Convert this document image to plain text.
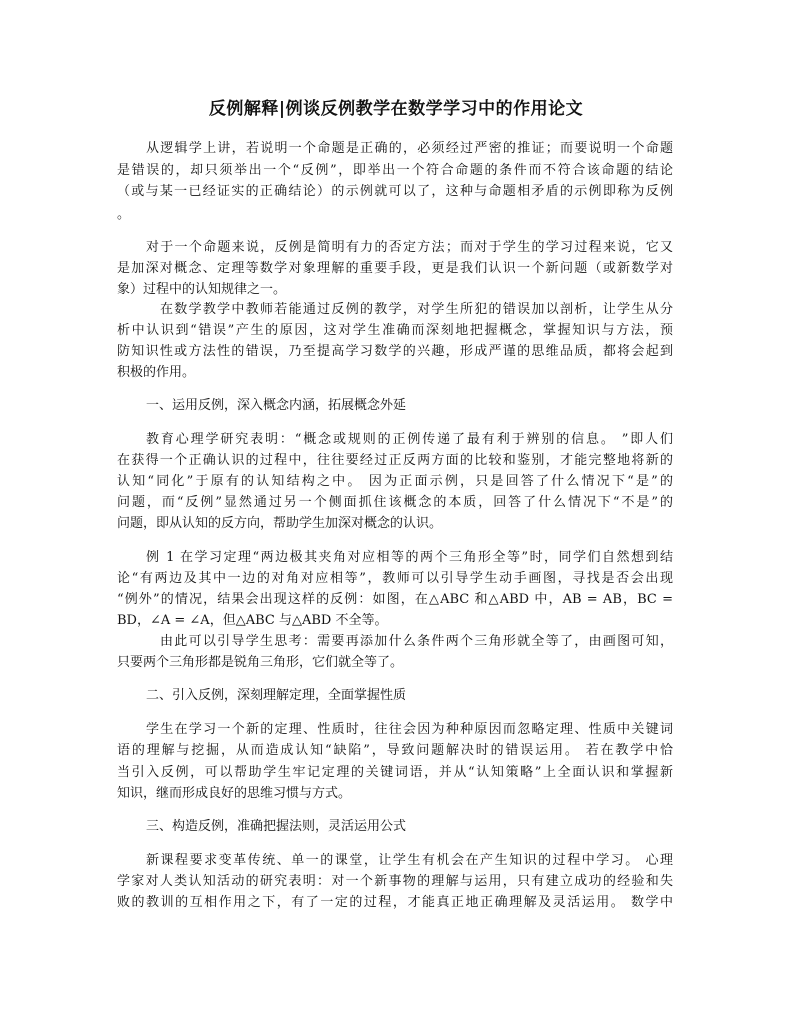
反例解释|例谈反例教学在数学学习中的作用论文
从逻辑学上讲，若说明一个命题是正确的，必须经过严密的推证；而要说明一个命题
是错误的，却只须举出一个“反例”，即举出一个符合命题的条件而不符合该命题的结论
（或与某一已经证实的正确结论）的示例就可以了，这种与命题相矛盾的示例即称为反例
。
对于一个命题来说，反例是简明有力的否定方法；而对于学生的学习过程来说，它又
是加深对概念、定理等数学对象理解的重要手段，更是我们认识一个新问题（或新数学对
象）过程中的认知规律之一。
在数学教学中教师若能通过反例的教学，对学生所犯的错误加以剖析，让学生从分
析中认识到“错误”产生的原因，这对学生准确而深刻地把握概念，掌握知识与方法，预
防知识性或方法性的错误，乃至提高学习数学的兴趣，形成严谨的思维品质，都将会起到
积极的作用。
一、运用反例，深入概念内涵，拓展概念外延
教育心理学研究表明：“概念或规则的正例传递了最有利于辨别的信息。 ”即人们
在获得一个正确认识的过程中，往往要经过正反两方面的比较和鉴别，才能完整地将新的
认知“同化”于原有的认知结构之中。 因为正面示例，只是回答了什么情况下“是”的
问题，而“反例”显然通过另一个侧面抓住该概念的本质，回答了什么情况下“不是”的
问题，即从认知的反方向，帮助学生加深对概念的认识。
例 1 在学习定理“两边极其夹角对应相等的两个三角形全等”时，同学们自然想到结
论“有两边及其中一边的对角对应相等”，教师可以引导学生动手画图，寻找是否会出现
“例外”的情况，结果会出现这样的反例：如图，在△ABC 和△ABD 中，AB = AB，BC =
BD，∠A = ∠A，但△ABC 与△ABD 不全等。
由此可以引导学生思考：需要再添加什么条件两个三角形就全等了，由画图可知，
只要两个三角形都是锐角三角形，它们就全等了。
二、引入反例，深刻理解定理，全面掌握性质
学生在学习一个新的定理、性质时，往往会因为种种原因而忽略定理、性质中关键词
语的理解与挖掘，从而造成认知“缺陷”，导致问题解决时的错误运用。 若在教学中恰
当引入反例，可以帮助学生牢记定理的关键词语，并从“认知策略”上全面认识和掌握新
知识，继而形成良好的思维习惯与方式。
三、构造反例，准确把握法则，灵活运用公式
新课程要求变革传统、单一的课堂，让学生有机会在产生知识的过程中学习。 心理
学家对人类认知活动的研究表明：对一个新事物的理解与运用，只有建立成功的经验和失
败的教训的互相作用之下，有了一定的过程，才能真正地正确理解及灵活运用。 数学中
